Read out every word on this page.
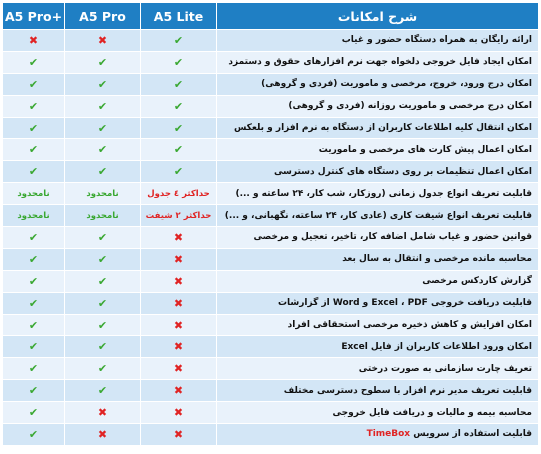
A5 Pro+	A5 Pro	A5 Lite	شرح امکانات
✖	✖	✔	ارائه رایگان به همراه دستگاه حضور و غیاب
✔	✔	✔	امکان ایجاد فایل خروجی دلخواه جهت نرم افزارهای حقوق و دستمزد
✔	✔	✔	امکان درج ورود، خروج، مرخصی و ماموریت (فردی و گروهی)
✔	✔	✔	امکان درج مرخصی و ماموریت روزانه (فردی و گروهی)
✔	✔	✔	امکان انتقال کلیه اطلاعات کاربران از دستگاه به نرم افزار و بلعکس
✔	✔	✔	امکان اعمال پیش کارت های مرخصی و ماموریت
✔	✔	✔	امکان اعمال تنظیمات بر روی دستگاه های کنترل دسترسی
نامحدود	نامحدود	حداکثر ٤ جدول	قابلیت تعریف انواع جدول زمانی (روزکار، شب کار، ۲۴ ساعته و ...)
نامحدود	نامحدود	حداکثر ۲ شیفت	قابلیت تعریف انواع شیفت کاری (عادی کار، ۲۴ ساعته، نگهبانی، و ...)
✔	✔	✖	قوانین حضور و غیاب شامل اضافه کار، تاخیر، تعجیل و مرخصی
✔	✔	✖	محاسبه مانده مرخصی و انتقال به سال بعد
✔	✔	✖	گزارش کاردکس مرخصی
✔	✔	✖	قابلیت دریافت خروجی Excel ، PDF و Word از گزارشات
✔	✔	✖	امکان افزایش و کاهش ذخیره مرخصی استحقاقی افراد
✔	✔	✖	امکان ورود اطلاعات کاربران از فایل Excel
✔	✔	✖	تعریف چارت سازمانی به صورت درختی
✔	✔	✖	قابلیت تعریف مدیر نرم افزار با سطوح دسترسی مختلف
✔	✖	✖	محاسبه بیمه و مالیات و دریافت فایل خروجی
✔	✖	✖	قابلیت استفاده از سرویس TimeBox
